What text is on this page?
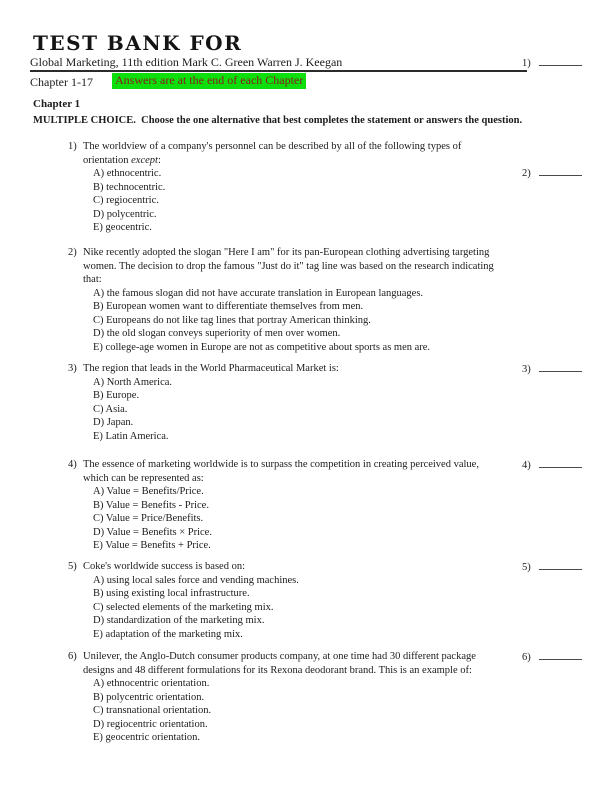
TEST BANK FOR
Global Marketing, 11th edition Mark C. Green Warren J. Keegan
Chapter 1-17 Answers are at the end of each Chapter
Chapter 1
MULTIPLE CHOICE.  Choose the one alternative that best completes the statement or answers the question.
1) The worldview of a company's personnel can be described by all of the following types of
orientation except:
A) ethnocentric.
B) technocentric.
C) regiocentric.
D) polycentric.
E) geocentric.
2) Nike recently adopted the slogan "Here I am" for its pan-European clothing advertising targeting
women. The decision to drop the famous "Just do it" tag line was based on the research indicating
that:
A) the famous slogan did not have accurate translation in European languages.
B) European women want to differentiate themselves from men.
C) Europeans do not like tag lines that portray American thinking.
D) the old slogan conveys superiority of men over women.
E) college-age women in Europe are not as competitive about sports as men are.
3) The region that leads in the World Pharmaceutical Market is:
A) North America.
B) Europe.
C) Asia.
D) Japan.
E) Latin America.
4) The essence of marketing worldwide is to surpass the competition in creating perceived value,
which can be represented as:
A) Value = Benefits/Price.
B) Value = Benefits - Price.
C) Value = Price/Benefits.
D) Value = Benefits × Price.
E) Value = Benefits + Price.
5) Coke's worldwide success is based on:
A) using local sales force and vending machines.
B) using existing local infrastructure.
C) selected elements of the marketing mix.
D) standardization of the marketing mix.
E) adaptation of the marketing mix.
6) Unilever, the Anglo-Dutch consumer products company, at one time had 30 different package
designs and 48 different formulations for its Rexona deodorant brand. This is an example of:
A) ethnocentric orientation.
B) polycentric orientation.
C) transnational orientation.
D) regiocentric orientation.
E) geocentric orientation.
1)
2)
3)
4)
5)
6)
